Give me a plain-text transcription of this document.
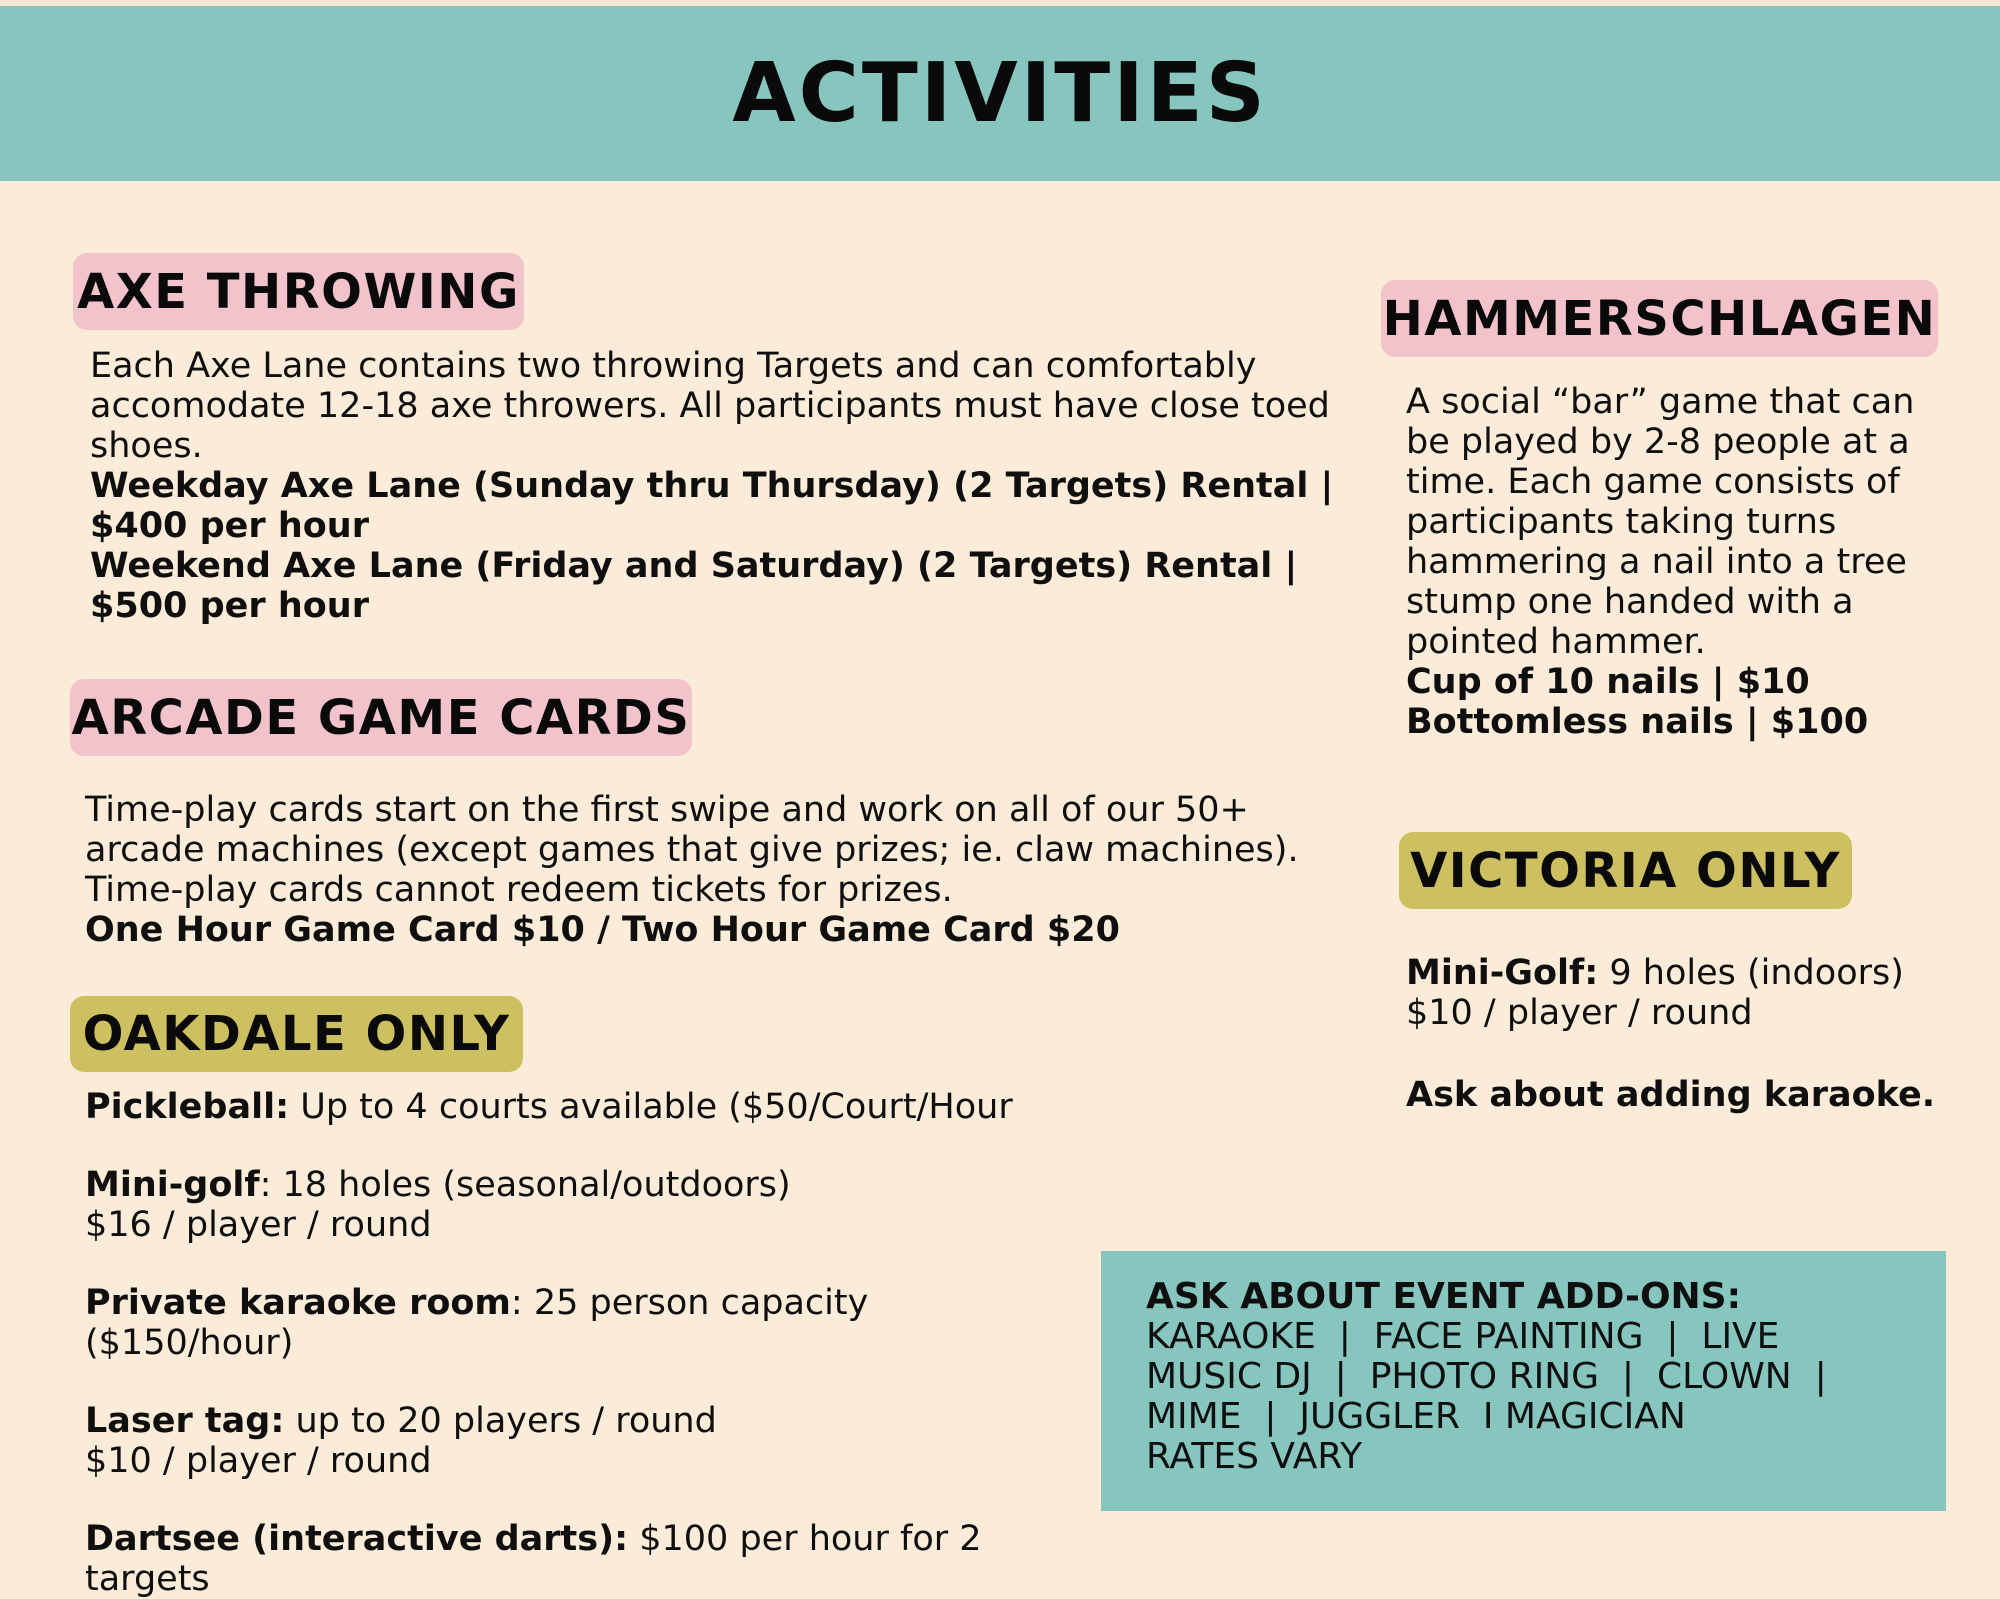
ACTIVITIES
AXE THROWING

Each Axe Lane contains two throwing Targets and can comfortably accomodate 12-18 axe throwers. All participants must have close toed shoes.

Weekday Axe Lane (Sunday thru Thursday) (2 Targets) Rental | $400 per hour

Weekend Axe Lane (Friday and Saturday) (2 Targets) Rental | $500 per hour

ARCADE GAME CARDS

Time-play cards start on the first swipe and work on all of our 50+ arcade machines (except games that give prizes; ie. claw machines). Time-play cards cannot redeem tickets for prizes.

One Hour Game Card $10 / Two Hour Game Card $20

OAKDALE ONLY

Pickleball: Up to 4 courts available ($50/Court/Hour

Mini-golf: 18 holes (seasonal/outdoors)

$16 / player / round

Private karaoke room: 25 person capacity ($150/hour)

Laser tag: up to 20 players / round

$10 / player / round

Dartsee (interactive darts): $100 per hour for 2 targets

HAMMERSCHLAGEN

A social “bar” game that can be played by 2-8 people at a time. Each game consists of participants taking turns hammering a nail into a tree stump one handed with a pointed hammer.

Cup of 10 nails | $10

Bottomless nails | $100

VICTORIA ONLY

Mini-Golf: 9 holes (indoors)

$10 / player / round

Ask about adding karaoke.

ASK ABOUT EVENT ADD-ONS:
KARAOKE  |  FACE PAINTING  |  LIVE
MUSIC DJ  |  PHOTO RING  |  CLOWN  |
MIME  |  JUGGLER  I MAGICIAN
RATES VARY
